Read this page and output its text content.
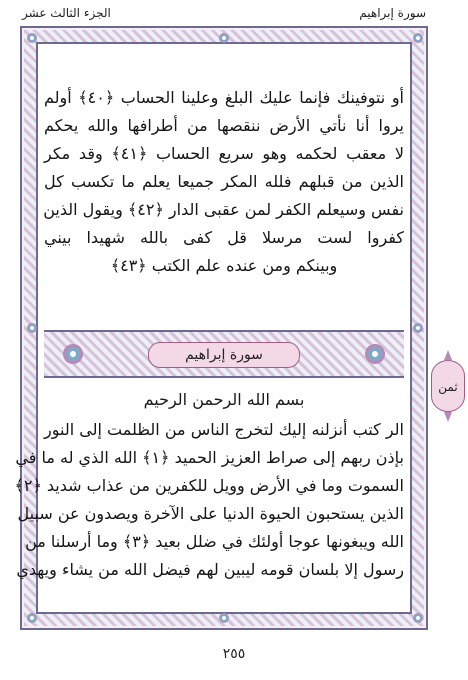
سورة إبراهيم
الجزء الثالث عشر
أو نتوفينك فإنما عليك البلغ وعلينا الحساب ﴿٤٠﴾ أولم
يروا أنا نأتي الأرض ننقصها من أطرافها والله يحكم
لا معقب لحكمه وهو سريع الحساب ﴿٤١﴾ وقد مكر
الذين من قبلهم فلله المكر جميعا يعلم ما تكسب كل
نفس وسيعلم الكفر لمن عقبى الدار ﴿٤٢﴾ ويقول الذين
كفروا لست مرسلا قل كفى بالله شهيدا بيني
وبينكم ومن عنده علم الكتب ﴿٤٣﴾
سورة إبراهيم
بسم الله الرحمن الرحيم
الر كتب أنزلنه إليك لتخرج الناس من الظلمت إلى النور
بإذن ربهم إلى صراط العزيز الحميد ﴿١﴾ الله الذي له ما في
السموت وما في الأرض وويل للكفرين من عذاب شديد ﴿٢﴾
الذين يستحبون الحيوة الدنيا على الآخرة ويصدون عن سبيل
الله ويبغونها عوجا أولئك في ضلل بعيد ﴿٣﴾ وما أرسلنا من
رسول إلا بلسان قومه ليبين لهم فيضل الله من يشاء ويهدي
ثمن
٢٥٥
